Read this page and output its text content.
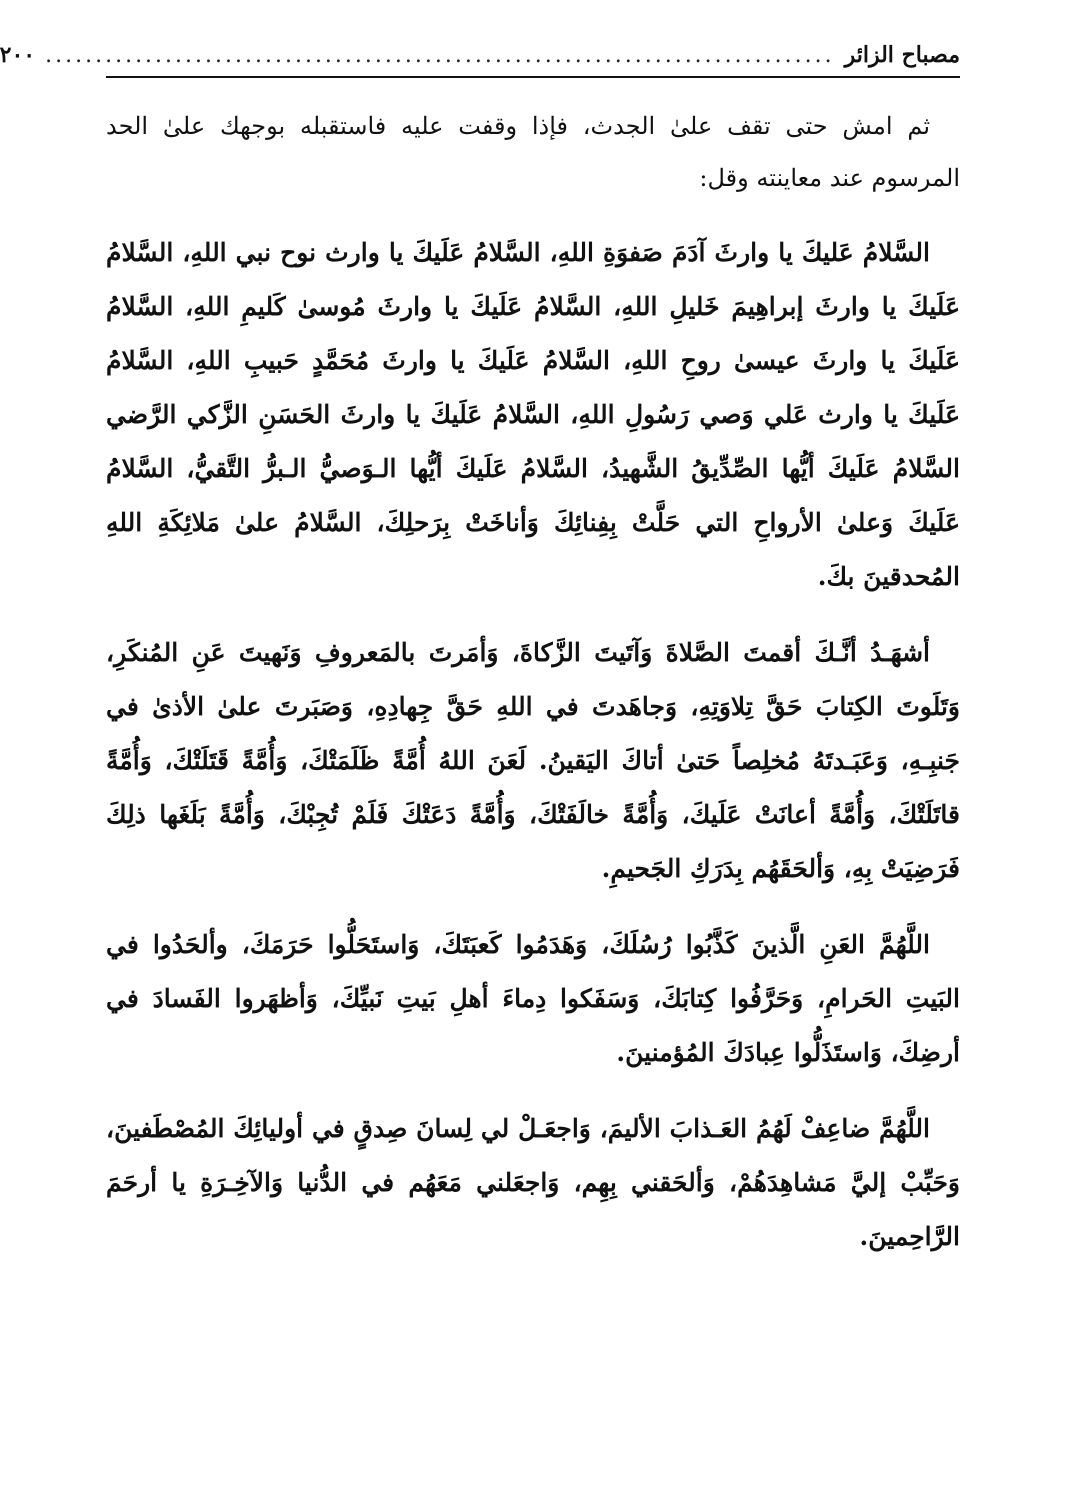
مصباح الزائر
...............................................................................
٢٠٠

ثم امش حتى تقف علىٰ الجدث، فإذا وقفت عليه فاستقبله بوجهك علىٰ الحد المرسوم عند معاينته وقل:

السَّلامُ عَليكَ يا وارثَ آدَمَ صَفوَةِ اللهِ، السَّلامُ عَلَيكَ يا وارث نوح نبي اللهِ، السَّلامُ عَلَيكَ يا وارثَ إبراهِيمَ خَليلِ اللهِ، السَّلامُ عَلَيكَ يا وارثَ مُوسىٰ كَليمِ اللهِ، السَّلامُ عَلَيكَ يا وارثَ عيسىٰ روحِ اللهِ، السَّلامُ عَلَيكَ يا وارثَ مُحَمَّدٍ حَبيبِ اللهِ، السَّلامُ عَلَيكَ يا وارث عَلي وَصي رَسُولِ اللهِ، السَّلامُ عَلَيكَ يا وارثَ الحَسَنِ الزَّكي الرَّضي السَّلامُ عَلَيكَ أيُّها الصِّدِّيقُ الشَّهيدُ، السَّلامُ عَلَيكَ أيُّها الـوَصيُّ الـبرُّ التَّقيُّ، السَّلامُ عَلَيكَ وَعلىٰ الأرواحِ التي حَلَّتْ بِفِنائِكَ وَأناخَتْ بِرَحلِكَ، السَّلامُ علىٰ مَلائِكَةِ اللهِ المُحدقينَ بكَ.

أشهَـدُ أنَّـكَ أقمتَ الصَّلاةَ وَآتَيتَ الزَّكاةَ، وَأمَرتَ بالمَعروفِ وَنَهيتَ عَنِ المُنكَرِ، وَتَلَوتَ الكِتابَ حَقَّ تِلاوَتِهِ، وَجاهَدتَ في اللهِ حَقَّ جِهادِهِ، وَصَبَرتَ علىٰ الأذىٰ في جَنبِـهِ، وَعَبَـدتَهُ مُخلِصاً حَتىٰ أتاكَ اليَقينُ. لَعَنَ اللهُ أُمَّةً ظَلَمَتْكَ، وَأُمَّةً قَتَلَتْكَ، وَأُمَّةً قاتَلَتْكَ، وَأُمَّةً أعانَتْ عَلَيكَ، وَأُمَّةً خالَفَتْكَ، وَأُمَّةً دَعَتْكَ فَلَمْ تُجِبْكَ، وَأُمَّةً بَلَغَها ذلِكَ فَرَضِيَتْ بِهِ، وَألحَقَهُم بِدَرَكِ الجَحيمِ.

اللَّهُمَّ العَنِ الَّذينَ كَذَّبُوا رُسُلَكَ، وَهَدَمُوا كَعبَتَكَ، وَاستَحَلُّوا حَرَمَكَ، وألحَدُوا في البَيتِ الحَرامِ، وَحَرَّفُوا كِتابَكَ، وَسَفَكوا دِماءَ أهلِ بَيتِ نَبيِّكَ، وَأظهَروا الفَسادَ في أرضِكَ، وَاستَذَلُّوا عِبادَكَ المُؤمنينَ.

اللَّهُمَّ ضاعِفْ لَهُمُ العَـذابَ الأليمَ، وَاجعَـلْ لي لِسانَ صِدقٍ في أوليائِكَ المُصْطَفينَ، وَحَبِّبْ إليَّ مَشاهِدَهُمْ، وَألحَقني بِهِم، وَاجعَلني مَعَهُم في الدُّنيا وَالآخِـرَةِ يا أرحَمَ الرَّاحِمينَ.
